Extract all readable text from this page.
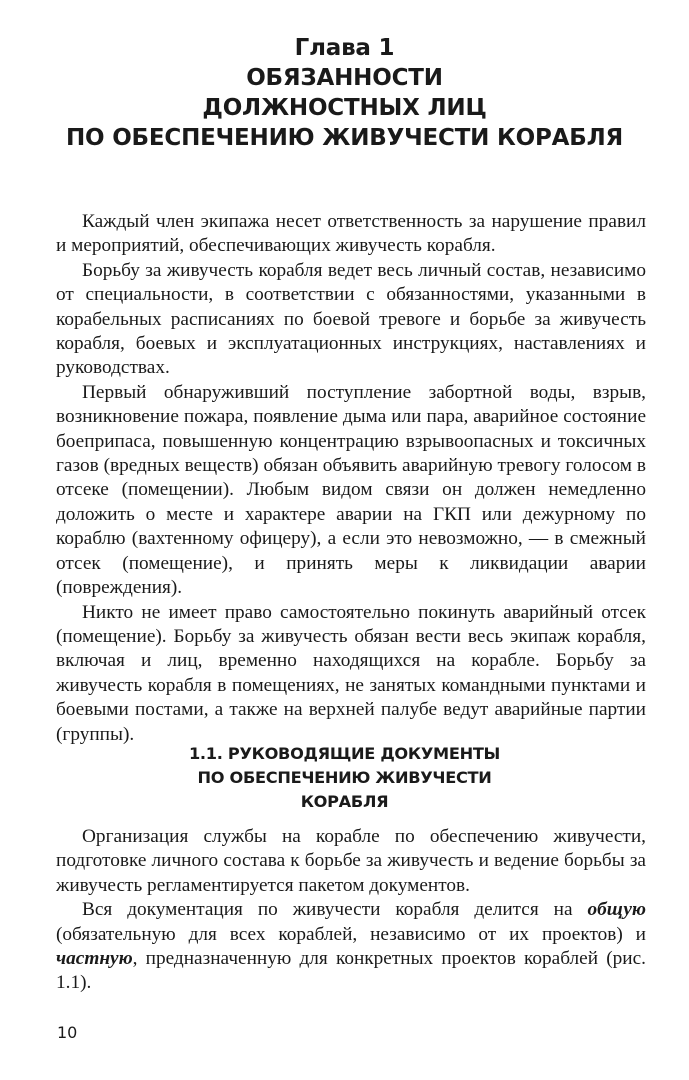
Глава 1
ОБЯЗАННОСТИ
ДОЛЖНОСТНЫХ ЛИЦ
ПО ОБЕСПЕЧЕНИЮ ЖИВУЧЕСТИ КОРАБЛЯ

Каждый член экипажа несет ответственность за нарушение правил и мероприятий, обеспечивающих живучесть корабля.

Борьбу за живучесть корабля ведет весь личный состав, независимо от специальности, в соответствии с обязанностями, указанными в корабельных расписаниях по боевой тревоге и борьбе за живучесть корабля, боевых и эксплуатационных инструкциях, наставлениях и руководствах.

Первый обнаруживший поступление забортной воды, взрыв, возникновение пожара, появление дыма или пара, аварийное состояние боеприпаса, повышенную концентрацию взрывоопасных и токсичных газов (вредных веществ) обязан объявить аварийную тревогу голосом в отсеке (помещении). Любым видом связи он должен немедленно доложить о месте и характере аварии на ГКП или дежурному по кораблю (вахтенному офицеру), а если это невозможно, — в смежный отсек (помещение), и принять меры к ликвидации аварии (повреждения).

Никто не имеет право самостоятельно покинуть аварийный отсек (помещение). Борьбу за живучесть обязан вести весь экипаж корабля, включая и лиц, временно находящихся на корабле. Борьбу за живучесть корабля в помещениях, не занятых командными пунктами и боевыми постами, а также на верхней палубе ведут аварийные партии (группы).

1.1. РУКОВОДЯЩИЕ ДОКУМЕНТЫ
ПО ОБЕСПЕЧЕНИЮ ЖИВУЧЕСТИ
КОРАБЛЯ

Организация службы на корабле по обеспечению живучести, подготовке личного состава к борьбе за живучесть и ведение борьбы за живучесть регламентируется пакетом документов.

Вся документация по живучести корабля делится на общую (обязательную для всех кораблей, независимо от их проектов) и частную, предназначенную для конкретных проектов кораблей (рис. 1.1).

10
